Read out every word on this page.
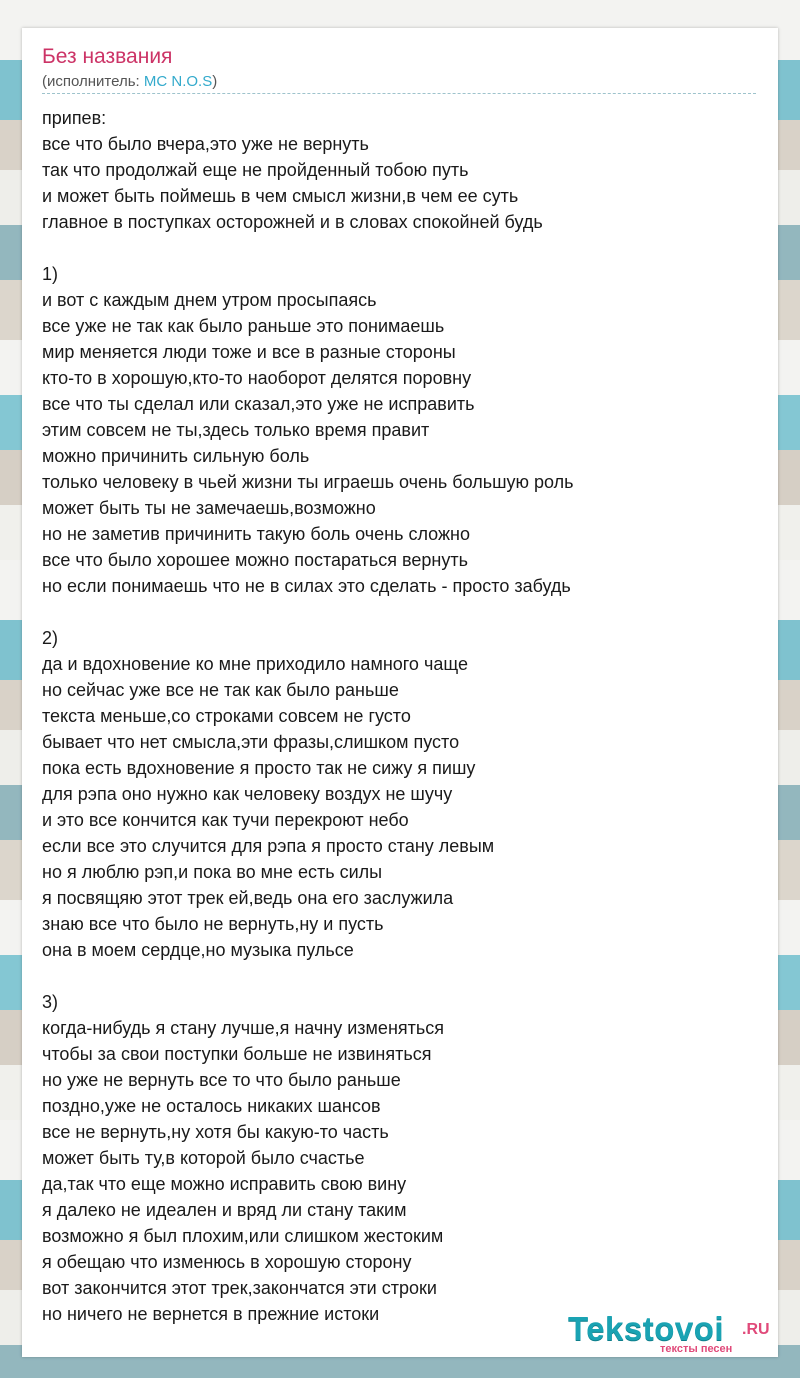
Без названия
(исполнитель: MC N.O.S)
припев:
все что было вчера,это уже не вернуть
так что продолжай еще не пройденный тобою путь
и может быть поймешь в чем смысл жизни,в чем ее суть
главное в поступках осторожней и в словах спокойней будь

1)
и вот с каждым днем утром просыпаясь
все уже не так как было раньше это понимаешь
мир меняется люди тоже и все в разные стороны
кто-то в хорошую,кто-то наоборот делятся поровну
все что ты сделал или сказал,это уже не исправить
этим совсем не ты,здесь только время правит
можно причинить сильную боль
только человеку в чьей жизни ты играешь очень большую роль
может быть ты не замечаешь,возможно
но не заметив причинить такую боль очень сложно
все что было хорошее можно постараться вернуть
но если понимаешь что не в силах это сделать - просто забудь

2)
да и вдохновение ко мне приходило намного чаще
но сейчас уже все не так как было раньше
текста меньше,со строками совсем не густо
бывает что нет смысла,эти фразы,слишком пусто
пока есть вдохновение я просто так не сижу я пишу
для рэпа оно нужно как человеку воздух не шучу
и это все кончится как тучи перекроют небо
если все это случится для рэпа я просто стану левым
но я люблю рэп,и пока во мне есть силы
я посвящяю этот трек ей,ведь она его заслужила
знаю все что было не вернуть,ну и пусть
она в моем сердце,но музыка пульсе

3)
когда-нибудь я стану лучше,я начну изменяться
чтобы за свои поступки больше не извиняться
но уже не вернуть все то что было раньше
поздно,уже не осталось никаких шансов
все не вернуть,ну хотя бы какую-то часть
может быть ту,в которой было счастье
да,так что еще можно исправить свою вину
я далеко не идеален и вряд ли стану таким
возможно я был плохим,или слишком жестоким
я обещаю что изменюсь в хорошую сторону
вот закончится этот трек,закончатся эти строки
но ничего не вернется в прежние истоки	Tekstovoi .RU
тексты песен
